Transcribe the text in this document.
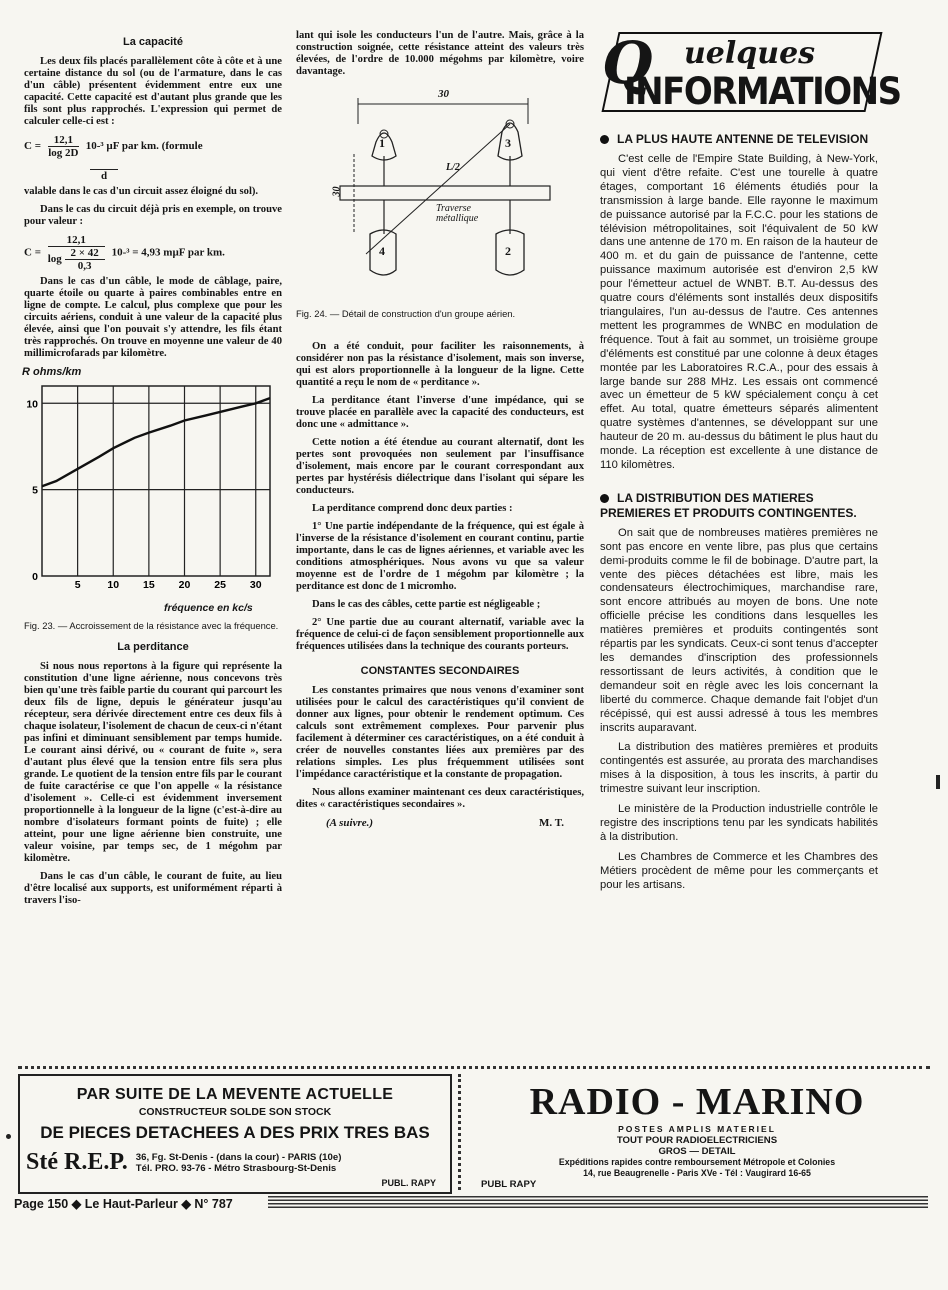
La capacité

Les deux fils placés parallèlement côte à côte et à une certaine distance du sol (ou de l'armature, dans le cas d'un câble) présentent évidemment entre eux une capacité. Cette capacité est d'autant plus grande que les fils sont plus rapprochés. L'expression qui permet de calculer celle-ci est :

$C = \frac{12,1}{\log 2D} 10-^3$ µF par km. (formule
d

valable dans le cas d'un circuit assez éloigné du sol).

Dans le cas du circuit déjà pris en exemple, on trouve pour valeur :

$C = \frac{12,1}{\log \frac{2 \times 42}{0,3}} 10-^3 = 4,93$ mµF par km.

Dans le cas d'un câble, le mode de câblage, paire, quarte étoile ou quarte à paires combinables entre en ligne de compte. Le calcul, plus complexe que pour les circuits aériens, conduit à une valeur de la capacité plus élevée, ainsi que l'on pouvait s'y attendre, les fils étant très rapprochés. On trouve en moyenne une valeur de 40 millimicrofarads par kilomètre.

R ohms/km
5	10 15 20 25 30
0
5
10
fréquence en kc/s
Fig. 23. — Accroissement de la résistance avec la fréquence.
La perditance

Si nous nous reportons à la figure qui représente la constitution d'une ligne aérienne, nous concevons très bien qu'une très faible partie du courant qui parcourt les deux fils de ligne, depuis le générateur jusqu'au récepteur, sera dérivée directement entre ces deux fils à chaque isolateur, l'isolement de chacun de ceux-ci n'étant pas infini et diminuant sensiblement par temps humide. Le courant ainsi dérivé, ou « courant de fuite », sera d'autant plus élevé que la tension entre fils sera plus grande. Le quotient de la tension entre fils par le courant de fuite caractérise ce que l'on appelle « la résistance d'isolement ». Celle-ci est évidemment inversement proportionnelle à la longueur de la ligne (c'est-à-dire au nombre d'isolateurs formant points de fuite) ; elle atteint, pour une ligne aérienne bien construite, une valeur voisine, par temps sec, de 1 mégohm par kilomètre.

Dans le cas d'un câble, le courant de fuite, au lieu d'être localisé aux supports, est uniformément réparti à travers l'iso-

lant qui isole les conducteurs l'un de l'autre. Mais, grâce à la construction soignée, cette résistance atteint des valeurs très élevées, de l'ordre de 10.000 mégohms par kilomètre, voire davantage.

30
30
L/2
Traverse métallique
1	3
4	2
Fig. 24. — Détail de construction d'un groupe aérien.

On a été conduit, pour faciliter les raisonnements, à considérer non pas la résistance d'isolement, mais son inverse, qui est alors proportionnelle à la longueur de la ligne. Cette quantité a reçu le nom de « perditance ».

La perditance étant l'inverse d'une impédance, qui se trouve placée en parallèle avec la capacité des conducteurs, est donc une « admittance ».

Cette notion a été étendue au courant alternatif, dont les pertes sont provoquées non seulement par l'insuffisance d'isolement, mais encore par le courant correspondant aux pertes par hystérésis diélectrique dans l'isolant qui sépare les conducteurs.

La perditance comprend donc deux parties :

1° Une partie indépendante de la fréquence, qui est égale à l'inverse de la résistance d'isolement en courant continu, partie importante, dans le cas de lignes aériennes, et variable avec les conditions atmosphériques. Nous avons vu que sa valeur moyenne est de l'ordre de 1 mégohm par kilomètre ; la perditance est donc de 1 micromho.

Dans le cas des câbles, cette partie est négligeable ;

2° Une partie due au courant alternatif, variable avec la fréquence de celui-ci de façon sensiblement proportionnelle aux fréquences utilisées dans la technique des courants porteurs.

CONSTANTES SECONDAIRES

Les constantes primaires que nous venons d'examiner sont utilisées pour le calcul des caractéristiques qu'il convient de donner aux lignes, pour obtenir le rendement optimum. Ces calculs sont extrêmement complexes. Pour parvenir plus facilement à déterminer ces caractéristiques, on a été conduit à créer de nouvelles constantes liées aux premières par des relations simples. Les plus fréquemment utilisées sont l'impédance caractéristique et la constante de propagation.

Nous allons examiner maintenant ces deux caractéristiques, dites « caractéristiques secondaires ».

(A suivre.)	M. T.
Q uelques
INFORMATIONS
LA PLUS HAUTE ANTENNE DE TELEVISION

C'est celle de l'Empire State Building, à New-York, qui vient d'être refaite. C'est une tourelle à quatre étages, comportant 16 éléments étudiés pour la transmission à large bande. Elle rayonne le maximum de puissance autorisé par la F.C.C. pour les stations de télévision métropolitaines, soit l'équivalent de 50 kW dans une antenne de 170 m. En raison de la hauteur de 400 m. et du gain de puissance de l'antenne, cette puissance maximum autorisée est d'environ 2,5 kW pour l'émetteur actuel de WNBT. B.T. Au-dessus des quatre cours d'éléments sont installés deux dispositifs triangulaires, l'un au-dessus de l'autre. Ces antennes mettent les programmes de WNBC en modulation de fréquence. Tout à fait au sommet, un troisième groupe d'éléments est constitué par une colonne à deux étages montée par les Laboratoires R.C.A., pour des essais à large bande sur 288 MHz. Les essais ont commencé avec un émetteur de 5 kW spécialement conçu à cet effet. Au total, quatre émetteurs séparés alimentent quatre systèmes d'antennes, se développant sur une hauteur de 20 m. au-dessus du bâtiment le plus haut du monde. La réception est excellente à une distance de 110 kilomètres.

LA DISTRIBUTION DES MATIERES PREMIERES ET PRODUITS CONTINGENTES.

On sait que de nombreuses matières premières ne sont pas encore en vente libre, pas plus que certains demi-produits comme le fil de bobinage. D'autre part, la vente des pièces détachées est libre, mais les condensateurs électrochimiques, marchandise rare, sont encore attribués au moyen de bons. Une note officielle précise les conditions dans lesquelles les matières premières et produits contingentés sont répartis par les syndicats. Ceux-ci sont tenus d'accepter les demandes d'inscription des professionnels ressortissant de leurs activités, à condition que le demandeur soit en règle avec les lois concernant la liberté du commerce. Chaque demande fait l'objet d'un récépissé, qui est aussi adressé à tous les membres inscrits auparavant.

La distribution des matières premières et produits contingentés est assurée, au prorata des marchandises mises à la disposition, à tous les inscrits, à partir du trimestre suivant leur inscription.

Le ministère de la Production industrielle contrôle le registre des inscriptions tenu par les syndicats habilités à la distribution.

Les Chambres de Commerce et les Chambres des Métiers procèdent de même pour les commerçants et pour les artisans.

PAR SUITE DE LA MEVENTE ACTUELLE
CONSTRUCTEUR SOLDE SON STOCK
DE PIECES DETACHEES A DES PRIX TRES BAS
Sté R.E.P. 36, Fg. St-Denis - (dans la cour) - PARIS (10e)
Tél. PRO. 93-76 - Métro Strasbourg-St-Denis
PUBL. RAPY
RADIO - MARINO
POSTES AMPLIS MATERIEL
TOUT POUR RADIOELECTRICIENS
GROS — DETAIL
Expéditions rapides contre remboursement Métropole et Colonies
14, rue Beaugrenelle - Paris XVe - Tél : Vaugirard 16-65
PUBL RAPY
Page 150 ◆ Le Haut-Parleur ◆ N° 787
